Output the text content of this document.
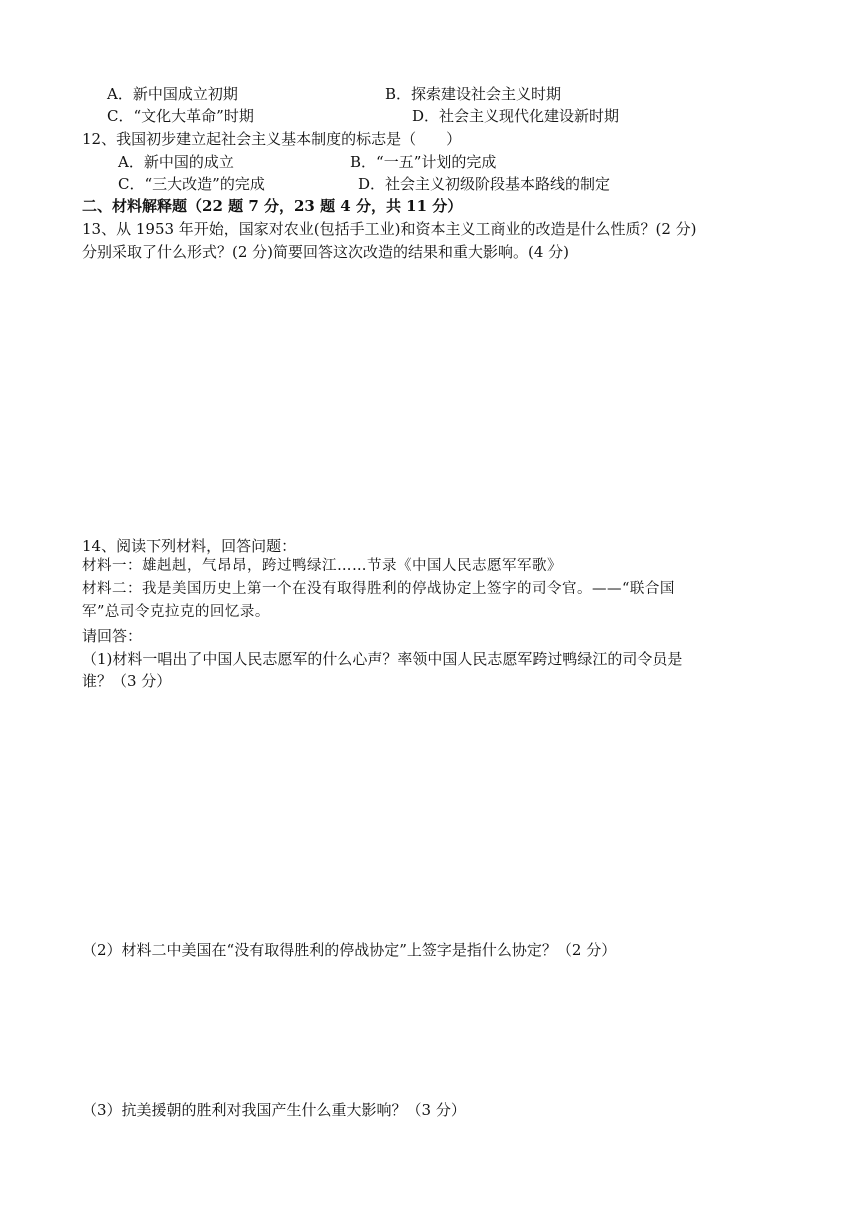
A．新中国成立初期	B．探索建设社会主义时期
C．“文化大革命”时期	D．社会主义现代化建设新时期
12、我国初步建立起社会主义基本制度的标志是（　　）
A．新中国的成立	B．“一五”计划的完成
C．“三大改造”的完成	D．社会主义初级阶段基本路线的制定
二、材料解释题（22 题 7 分，23 题 4 分，共 11 分）
13、从 1953 年开始，国家对农业(包括手工业)和资本主义工商业的改造是什么性质？(2 分)
分别采取了什么形式？(2 分)简要回答这次改造的结果和重大影响。(4 分)
14、阅读下列材料，回答问题：
材料一：雄赳赳，气昂昂，跨过鸭绿江……节录《中国人民志愿军军歌》
材料二：我是美国历史上第一个在没有取得胜利的停战协定上签字的司令官。——“联合国
军”总司令克拉克的回忆录。
请回答：
（1)材料一唱出了中国人民志愿军的什么心声？率领中国人民志愿军跨过鸭绿江的司令员是
谁？（3 分）
（2）材料二中美国在“没有取得胜利的停战协定”上签字是指什么协定？（2 分）
（3）抗美援朝的胜利对我国产生什么重大影响？（3 分）
